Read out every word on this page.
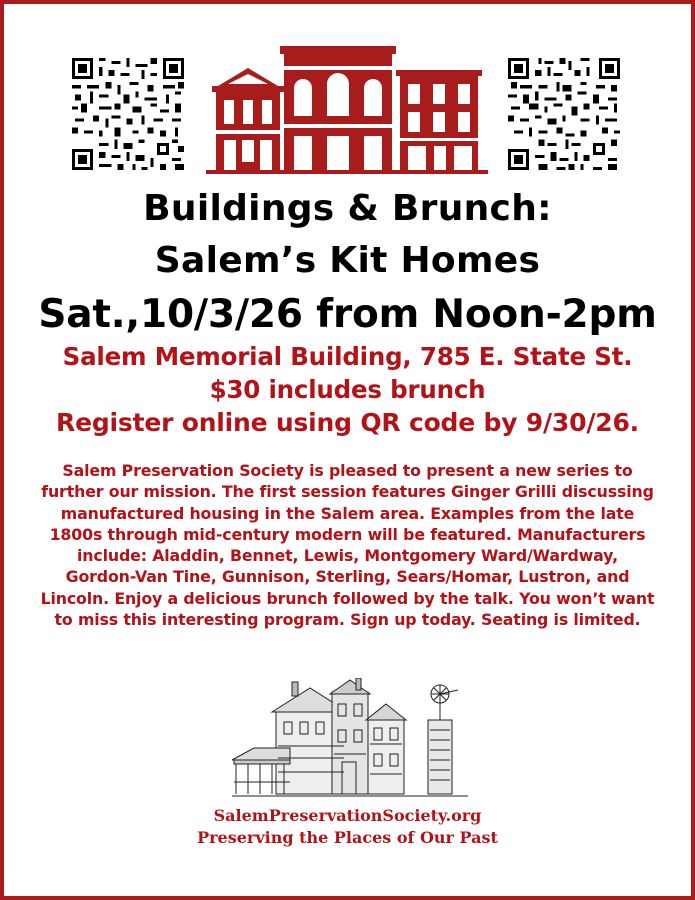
Buildings & Brunch:
Salem’s Kit Homes
Sat.,10/3/26 from Noon-2pm
Salem Memorial Building, 785 E. State St.
$30 includes brunch
Register online using QR code by 9/30/26.
Salem Preservation Society is pleased to present a new series to further our mission. The first session features Ginger Grilli discussing manufactured housing in the Salem area. Examples from the late 1800s through mid-century modern will be featured. Manufacturers include: Aladdin, Bennet, Lewis, Montgomery Ward/Wardway, Gordon-Van Tine, Gunnison, Sterling, Sears/Homar, Lustron, and Lincoln. Enjoy a delicious brunch followed by the talk. You won’t want to miss this interesting program. Sign up today. Seating is limited.
SalemPreservationSociety.org
Preserving the Places of Our Past
